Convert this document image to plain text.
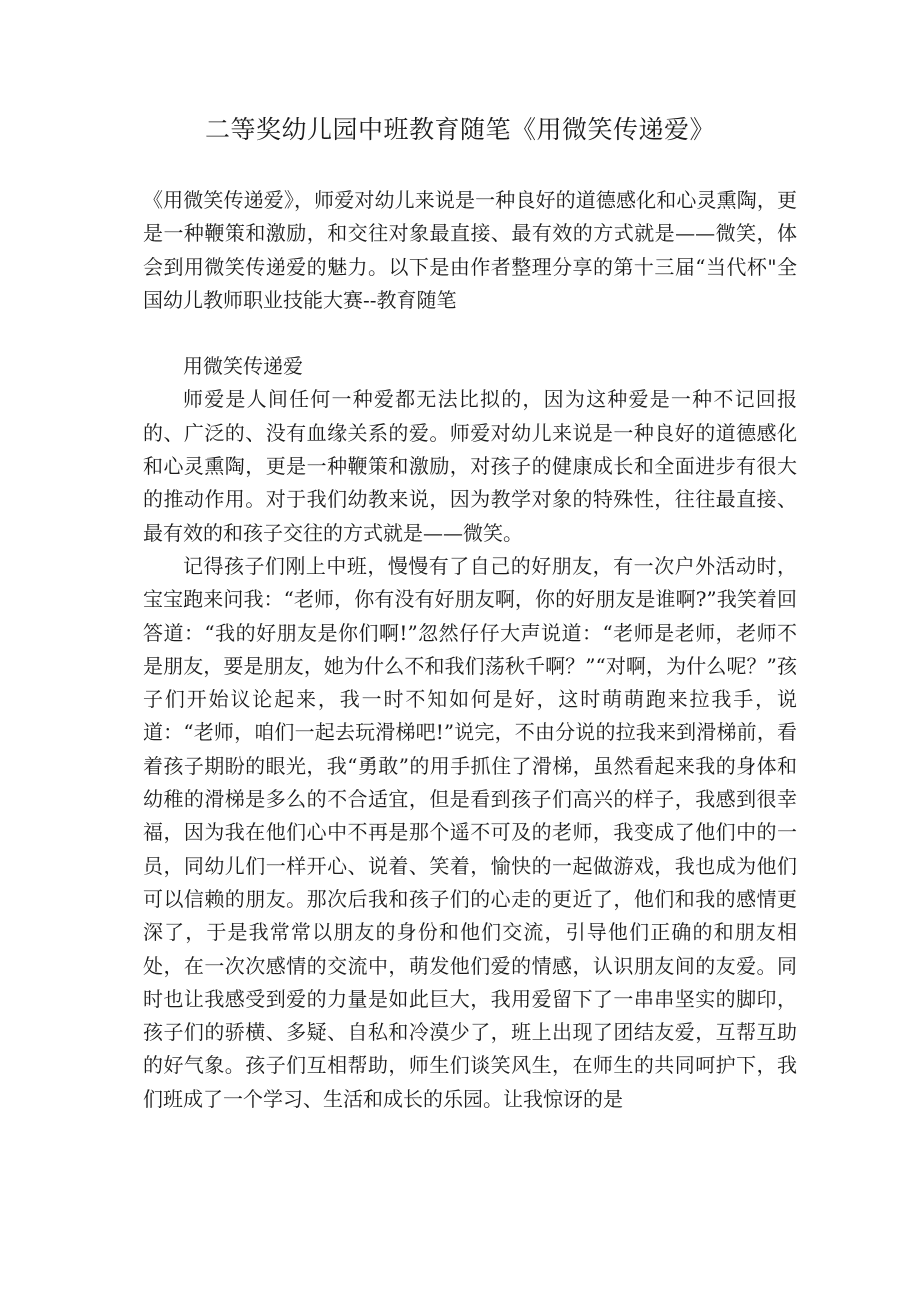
二等奖幼儿园中班教育随笔《用微笑传递爱》

《用微笑传递爱》，师爱对幼儿来说是一种良好的道德感化和心灵熏陶，更是一种鞭策和激励，和交往对象最直接、最有效的方式就是——微笑，体会到用微笑传递爱的魅力。以下是由作者整理分享的第十三届“当代杯"全国幼儿教师职业技能大赛--教育随笔

用微笑传递爱

师爱是人间任何一种爱都无法比拟的，因为这种爱是一种不记回报的、广泛的、没有血缘关系的爱。师爱对幼儿来说是一种良好的道德感化和心灵熏陶，更是一种鞭策和激励，对孩子的健康成长和全面进步有很大的推动作用。对于我们幼教来说，因为教学对象的特殊性，往往最直接、最有效的和孩子交往的方式就是——微笑。

记得孩子们刚上中班，慢慢有了自己的好朋友，有一次户外活动时，宝宝跑来问我：“老师，你有没有好朋友啊，你的好朋友是谁啊?”我笑着回答道：“我的好朋友是你们啊!”忽然仔仔大声说道：“老师是老师，老师不是朋友，要是朋友，她为什么不和我们荡秋千啊？”“对啊，为什么呢？”孩子们开始议论起来，我一时不知如何是好，这时萌萌跑来拉我手，说道：“老师，咱们一起去玩滑梯吧!”说完，不由分说的拉我来到滑梯前，看着孩子期盼的眼光，我“勇敢”的用手抓住了滑梯，虽然看起来我的身体和幼稚的滑梯是多么的不合适宜，但是看到孩子们高兴的样子，我感到很幸福，因为我在他们心中不再是那个遥不可及的老师，我变成了他们中的一员，同幼儿们一样开心、说着、笑着，愉快的一起做游戏，我也成为他们可以信赖的朋友。那次后我和孩子们的心走的更近了，他们和我的感情更深了，于是我常常以朋友的身份和他们交流，引导他们正确的和朋友相处，在一次次感情的交流中，萌发他们爱的情感，认识朋友间的友爱。同时也让我感受到爱的力量是如此巨大，我用爱留下了一串串坚实的脚印，孩子们的骄横、多疑、自私和冷漠少了，班上出现了团结友爱，互帮互助的好气象。孩子们互相帮助，师生们谈笑风生，在师生的共同呵护下，我们班成了一个学习、生活和成长的乐园。让我惊讶的是
